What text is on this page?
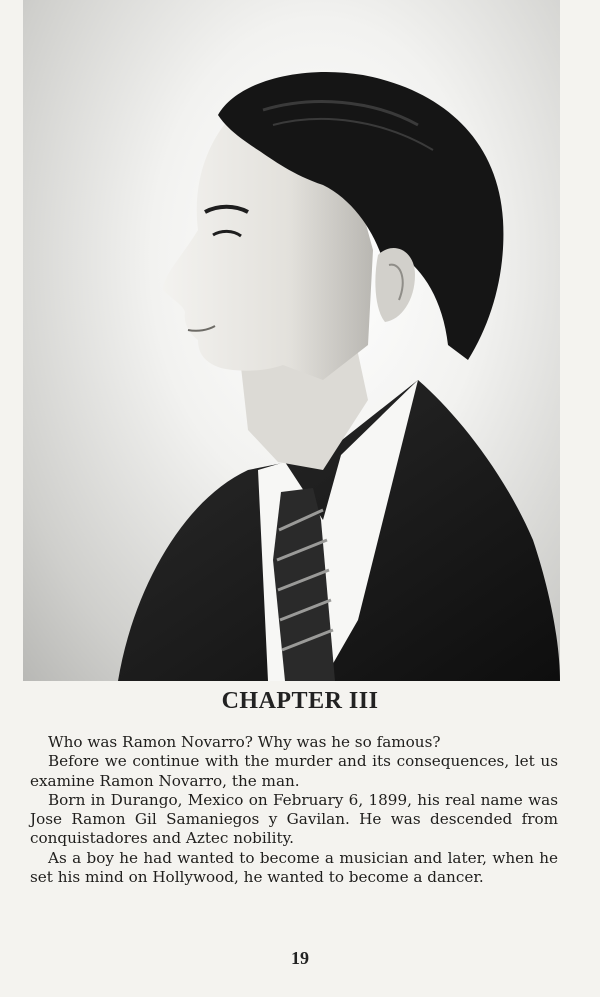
CHAPTER III

Who was Ramon Novarro? Why was he so famous?

Before we continue with the murder and its consequences, let us examine Ramon Novarro, the man.

Born in Durango, Mexico on February 6, 1899, his real name was Jose Ramon Gil Samaniegos y Gavilan. He was descended from conquistadores and Aztec nobility.

As a boy he had wanted to become a musician and later, when he set his mind on Hollywood, he wanted to become a dancer.

19
